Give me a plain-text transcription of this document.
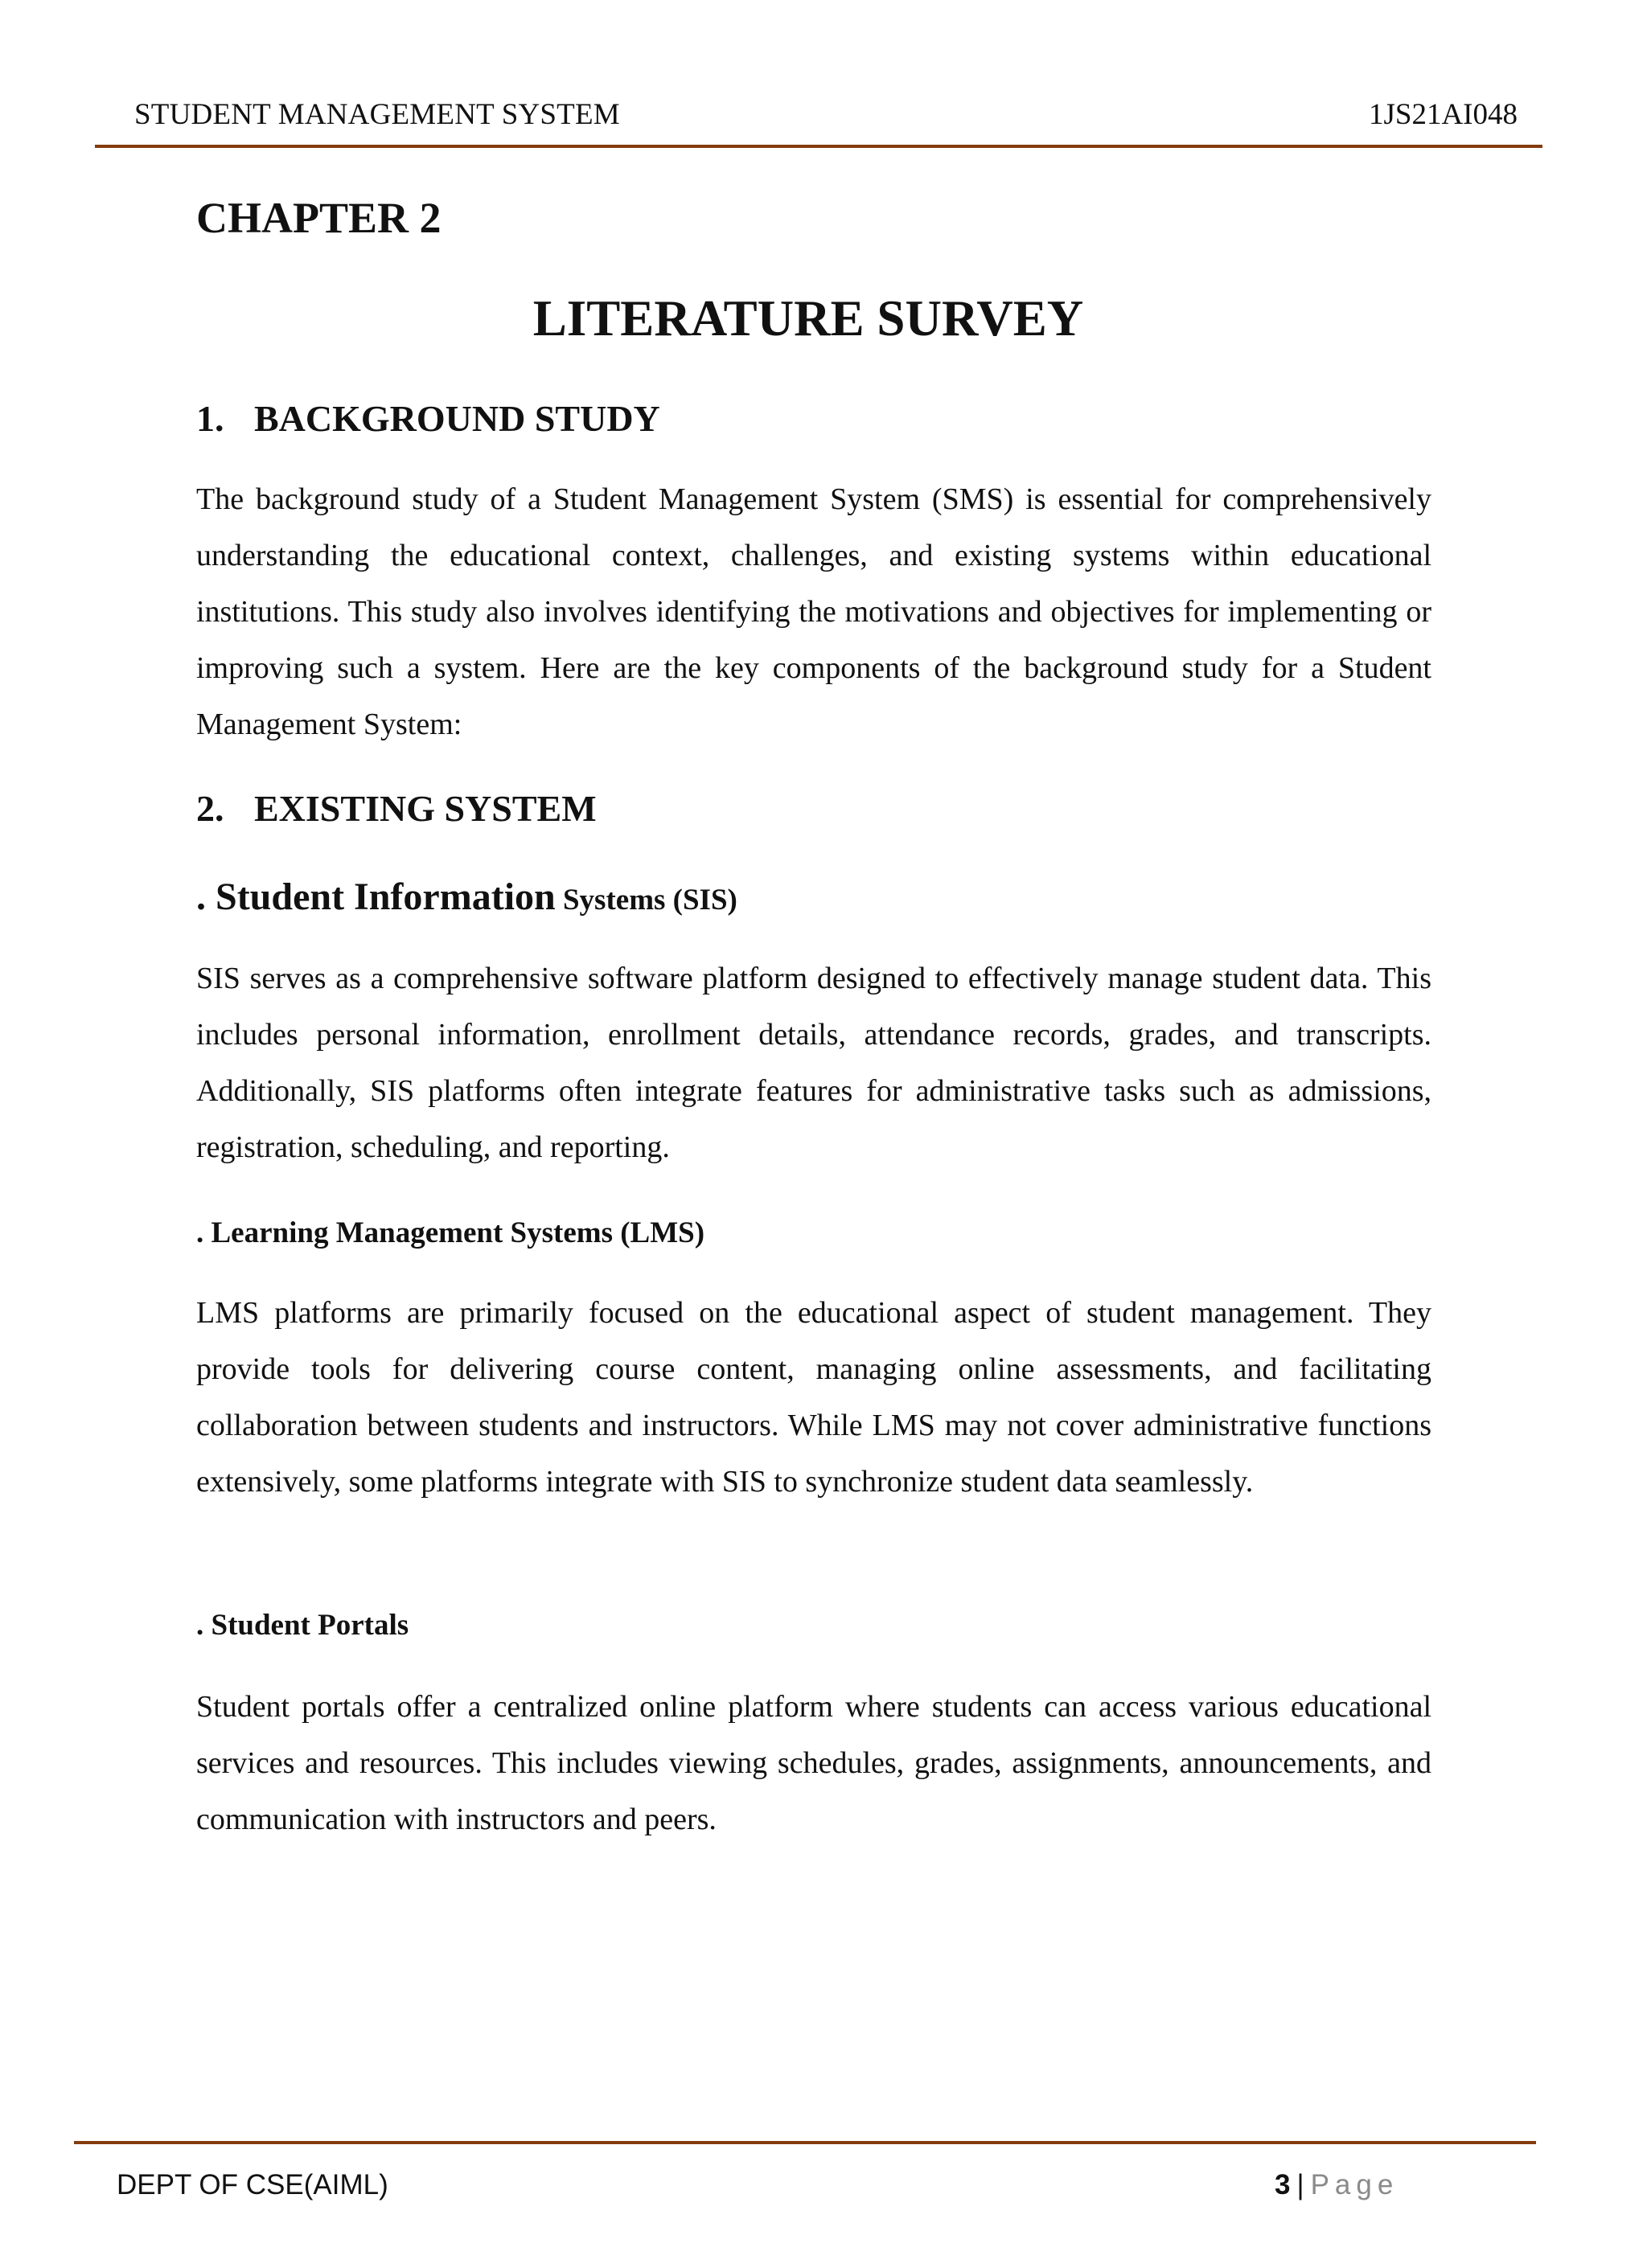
STUDENT MANAGEMENT SYSTEM	1JS21AI048
CHAPTER 2
LITERATURE SURVEY
1. BACKGROUND STUDY
The background study of a Student Management System (SMS) is essential for comprehensively understanding the educational context, challenges, and existing systems within educational institutions. This study also involves identifying the motivations and objectives for implementing or improving such a system. Here are the key components of the background study for a Student Management System:
2. EXISTING SYSTEM
. Student Information Systems (SIS)
SIS serves as a comprehensive software platform designed to effectively manage student data. This includes personal information, enrollment details, attendance records, grades, and transcripts. Additionally, SIS platforms often integrate features for administrative tasks such as admissions, registration, scheduling, and reporting.
. Learning Management Systems (LMS)
LMS platforms are primarily focused on the educational aspect of student management. They provide tools for delivering course content, managing online assessments, and facilitating collaboration between students and instructors. While LMS may not cover administrative functions extensively, some platforms integrate with SIS to synchronize student data seamlessly.
. Student Portals
Student portals offer a centralized online platform where students can access various educational services and resources. This includes viewing schedules, grades, assignments, announcements, and communication with instructors and peers.
DEPT OF CSE(AIML)	3 | Page
